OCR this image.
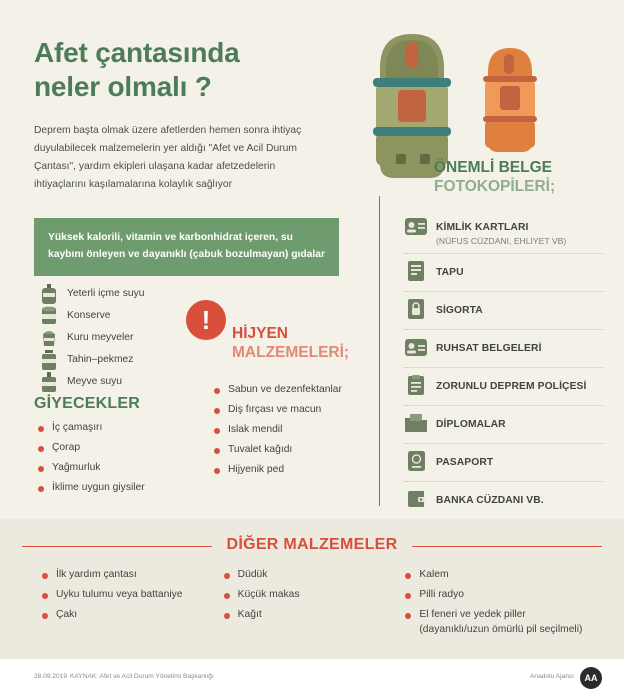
Afet çantasında
neler olmalı ?
Deprem başta olmak üzere afetlerden hemen sonra ihtiyaç duyulabilecek malzemelerin yer aldığı "Afet ve Acil Durum Çantası", yardım ekipleri ulaşana kadar afetzedelerin ihtiyaçlarını kaşılamalarına kolaylık sağlıyor
Yüksek kalorili, vitamin ve karbonhidrat içeren, su kaybını önleyen ve dayanıklı (çabuk bozulmayan) gıdalar
Yeterli içme suyu
Konserve
Kuru meyveler
Tahin–pekmez
Meyve suyu
GİYECEKLER
İç çamaşırı
Çorap
Yağmurluk
İklime uygun giysiler
!	HİJYEN
MALZEMELERİ;
Sabun ve dezenfektanlar
Diş fırçası ve macun
Islak mendil
Tuvalet kağıdı
Hijyenik ped
ÖNEMLİ BELGE
FOTOKOPİLERİ;
KİMLİK KARTLARI
(NÜFUS CÜZDANI, EHLİYET VB)
TAPU
SİGORTA
RUHSAT BELGELERİ
ZORUNLU DEPREM POLİÇESİ
DİPLOMALAR
PASAPORT
BANKA CÜZDANI VB.
DİĞER MALZEMELER
İlk yardım çantası
Uyku tulumu veya battaniye
Çakı
Düdük
Küçük makas
Kağıt
Kalem
Pilli radyo
El feneri ve yedek piller (dayanıklı/uzun ömürlü pil seçilmeli)
28.09.2019 KAYNAK: Afet ve Acil Durum Yönetimi Başkanlığı	Anadolu Ajansı	AA
